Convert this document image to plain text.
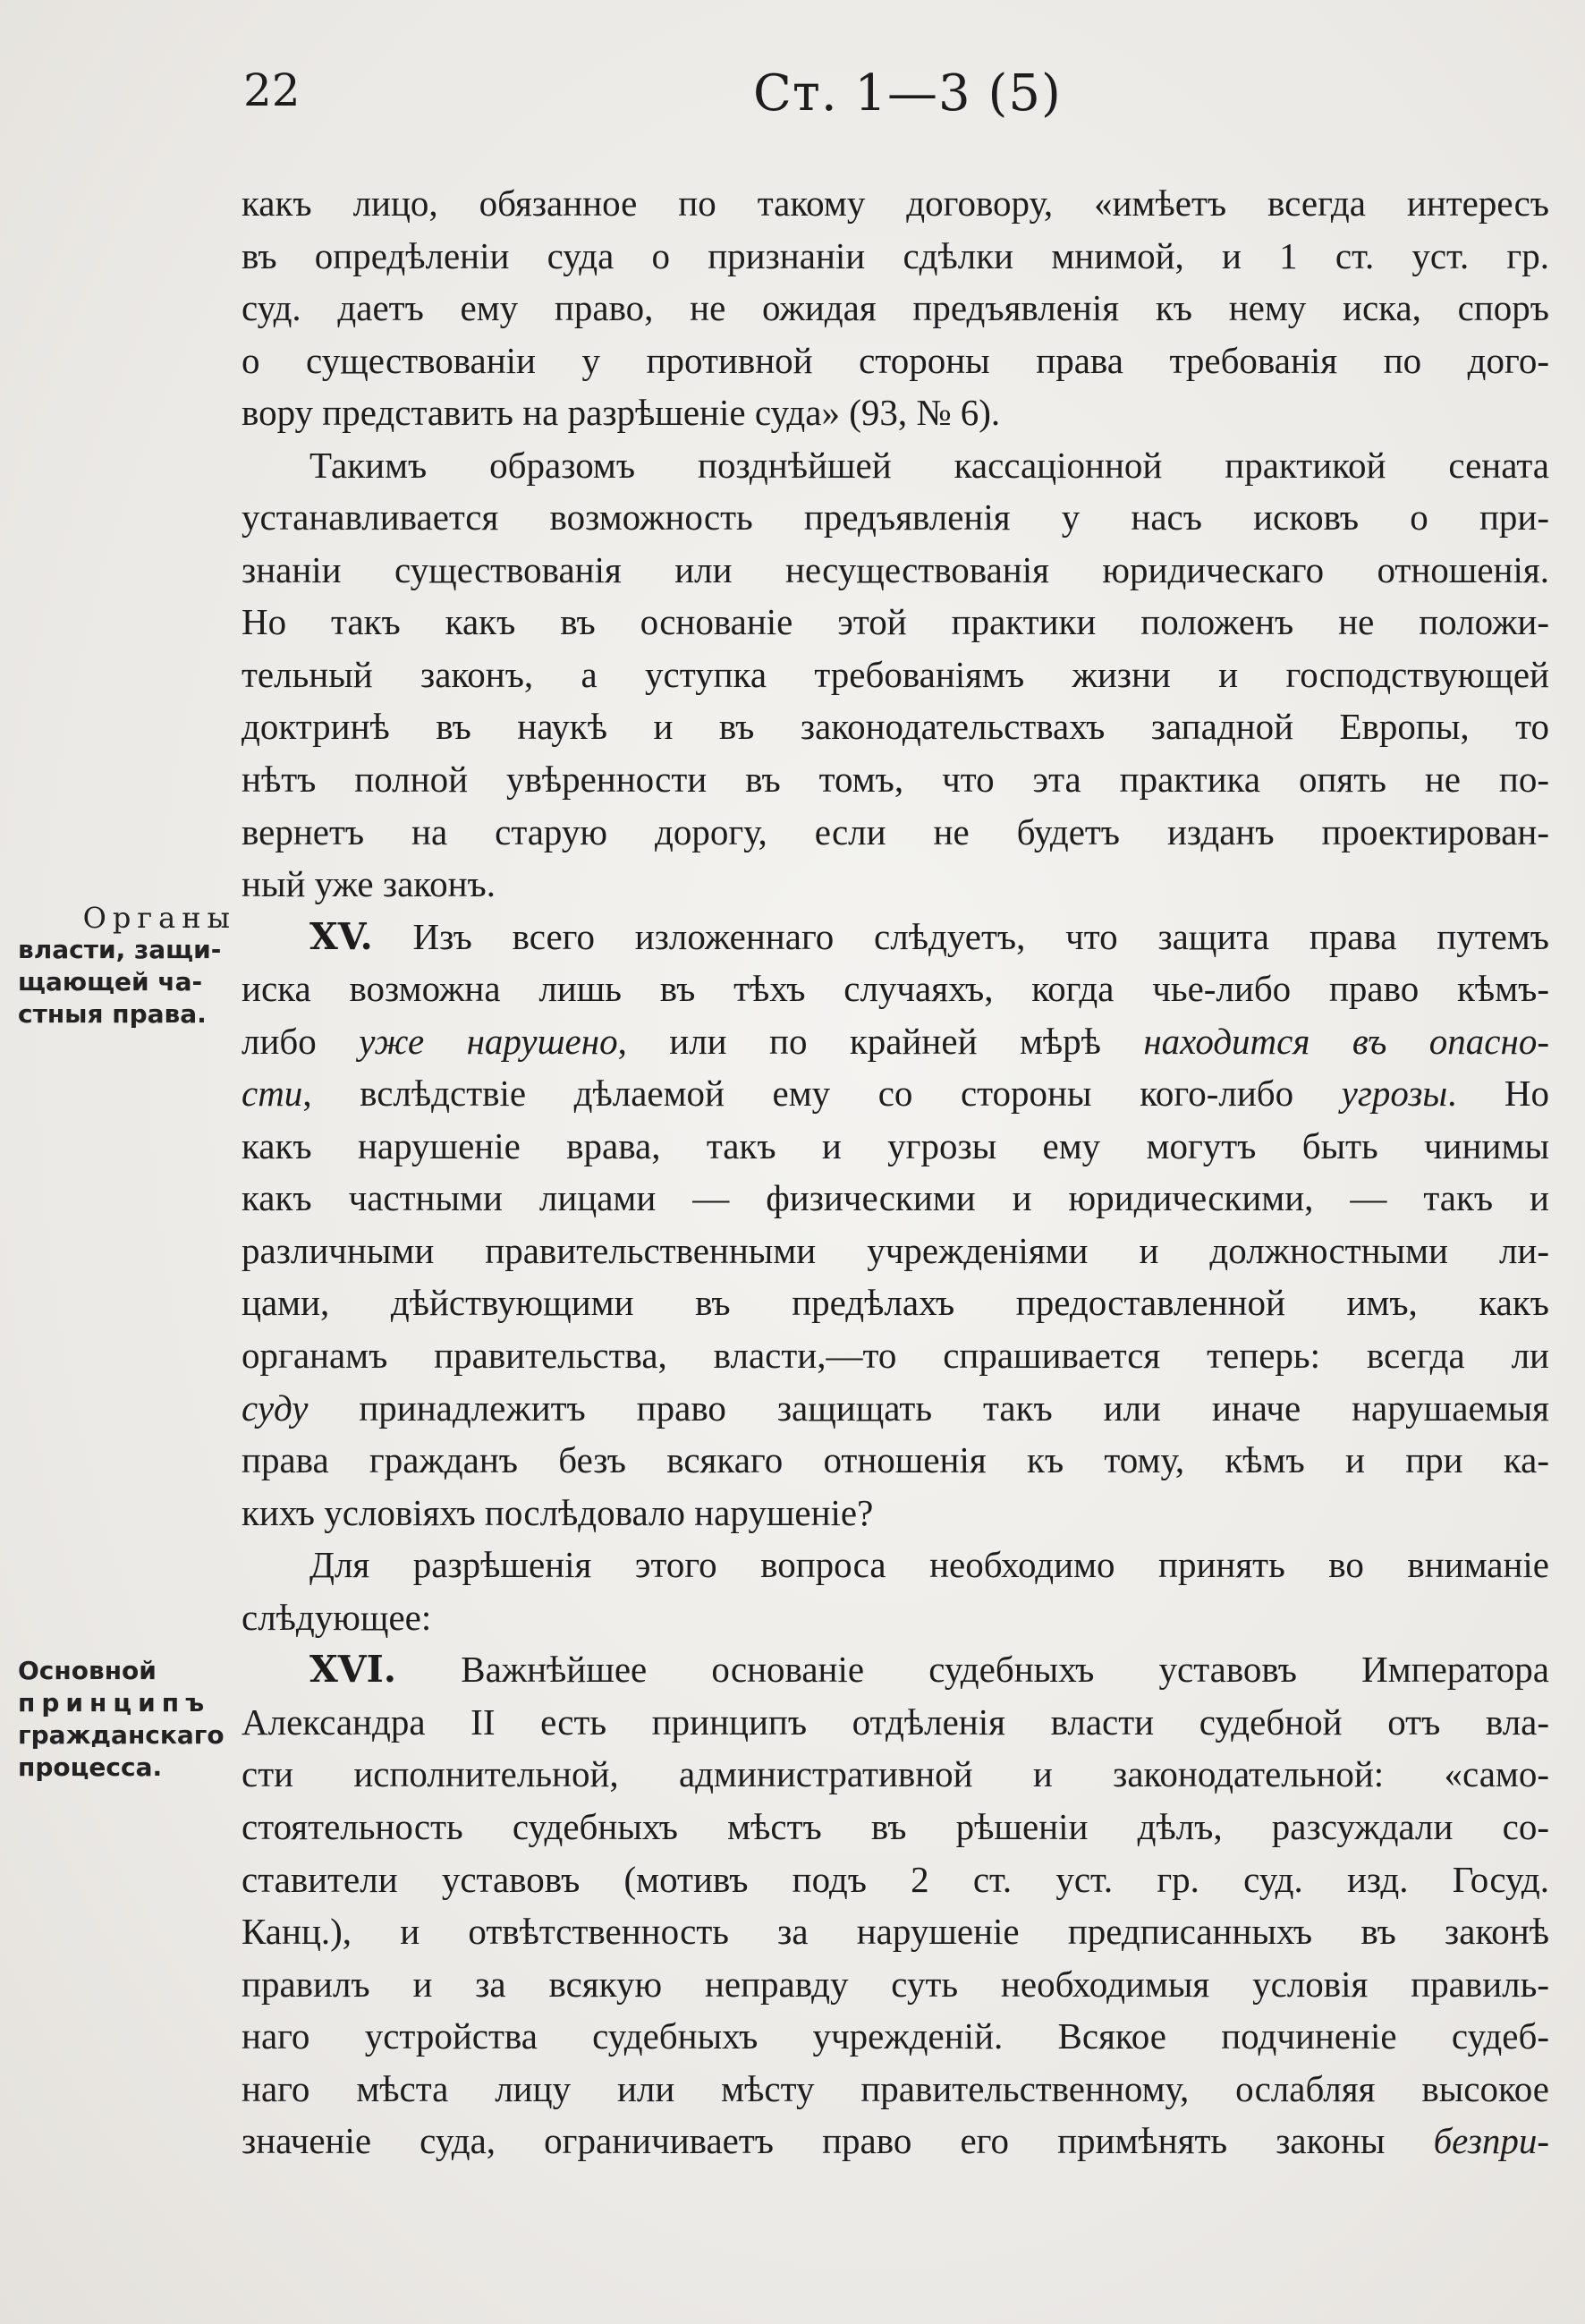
22	Ст. 1—3 (5)
Органы
власти, защи-
щающей ча-
стныя права.
Основной
принципъ
гражданскаго
процесса.
какъ лицо, обязанное по такому договору, «имѣетъ всегда интересъ
въ опредѣленіи суда о признаніи сдѣлки мнимой, и 1 ст. уст. гр.
суд. даетъ ему право, не ожидая предъявленія къ нему иска, споръ
о существованіи у противной стороны права требованія по дого-
вору представить на разрѣшеніе суда» (93, № 6).
Такимъ образомъ позднѣйшей кассаціонной практикой сената
устанавливается возможность предъявленія у насъ исковъ о при-
знаніи существованія или несуществованія юридическаго отношенія.
Но такъ какъ въ основаніе этой практики положенъ не положи-
тельный законъ, а уступка требованіямъ жизни и господствующей
доктринѣ въ наукѣ и въ законодательствахъ западной Европы, то
нѣтъ полной увѣренности въ томъ, что эта практика опять не по-
вернетъ на старую дорогу, если не будетъ изданъ проектирован-
ный уже законъ.
XV. Изъ всего изложеннаго слѣдуетъ, что защита права путемъ
иска возможна лишь въ тѣхъ случаяхъ, когда чье-либо право кѣмъ-
либо уже нарушено, или по крайней мѣрѣ находится въ опасно-
сти, вслѣдствіе дѣлаемой ему со стороны кого-либо угрозы. Но
какъ нарушеніе врава, такъ и угрозы ему могутъ быть чинимы
какъ частными лицами — физическими и юридическими, — такъ и
различными правительственными учрежденіями и должностными ли-
цами, дѣйствующими въ предѣлахъ предоставленной имъ, какъ
органамъ правительства, власти,—то спрашивается теперь: всегда ли
суду принадлежитъ право защищать такъ или иначе нарушаемыя
права гражданъ безъ всякаго отношенія къ тому, кѣмъ и при ка-
кихъ условіяхъ послѣдовало нарушеніе?
Для разрѣшенія этого вопроса необходимо принять во вниманіе
слѣдующее:
XVI. Важнѣйшее основаніе судебныхъ уставовъ Императора
Александра II есть принципъ отдѣленія власти судебной отъ вла-
сти исполнительной, административной и законодательной: «само-
стоятельность судебныхъ мѣстъ въ рѣшеніи дѣлъ, разсуждали со-
ставители уставовъ (мотивъ подъ 2 ст. уст. гр. суд. изд. Госуд.
Канц.), и отвѣтственность за нарушеніе предписанныхъ въ законѣ
правилъ и за всякую неправду суть необходимыя условія правиль-
наго устройства судебныхъ учрежденій. Всякое подчиненіе судеб-
наго мѣста лицу или мѣсту правительственному, ослабляя высокое
значеніе суда, ограничиваетъ право его примѣнять законы безпри-
